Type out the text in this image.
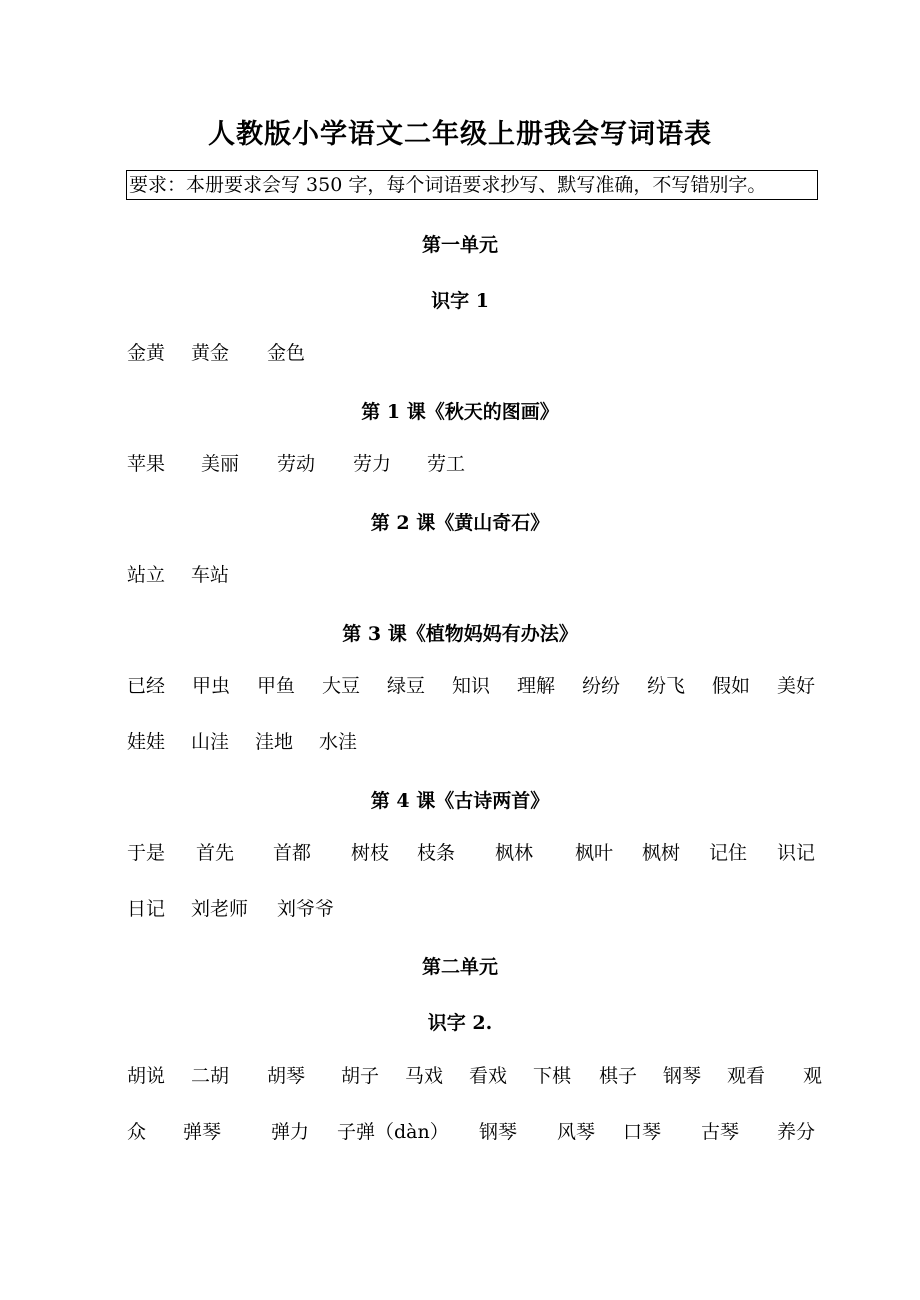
人教版小学语文二年级上册我会写词语表
要求：本册要求会写 350 字，每个词语要求抄写、默写准确，不写错别字。
第一单元
识字 1
金黄 黄金 金色
第 1 课《秋天的图画》
苹果 美丽 劳动 劳力 劳工
第 2 课《黄山奇石》
站立 车站
第 3 课《植物妈妈有办法》
已经 甲虫 甲鱼 大豆 绿豆 知识 理解 纷纷 纷飞 假如 美好
娃娃 山洼 洼地 水洼
第 4 课《古诗两首》
于是 首先 首都 树枝 枝条 枫林 枫叶 枫树 记住 识记
日记 刘老师 刘爷爷
第二单元
识字 2.
胡说 二胡 胡琴 胡子 马戏 看戏 下棋 棋子 钢琴 观看 观
众 弹琴	弹力 子弹（dàn） 钢琴 风琴 口琴 古琴 养分
